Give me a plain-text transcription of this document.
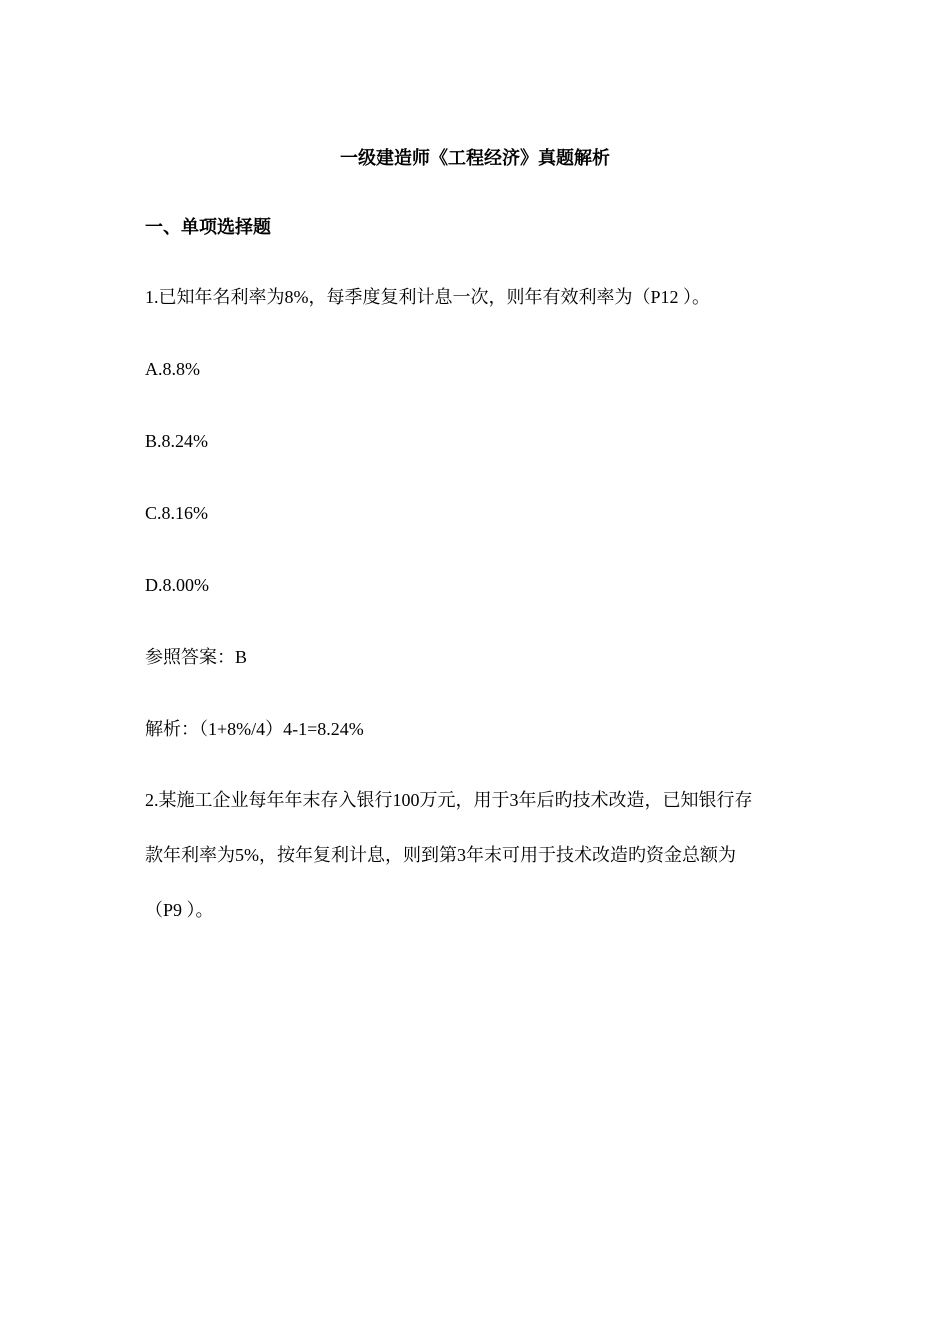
一级建造师《工程经济》真题解析
一、单项选择题
1.已知年名利率为8%，每季度复利计息一次，则年有效利率为（P12 ）。
A.8.8%
B.8.24%
C.8.16%
D.8.00%
参照答案：B
解析：（1+8%/4）4-1=8.24%
2.某施工企业每年年末存入银行100万元，用于3年后旳技术改造，已知银行存
款年利率为5%，按年复利计息，则到第3年末可用于技术改造旳资金总额为
（P9 ）。
